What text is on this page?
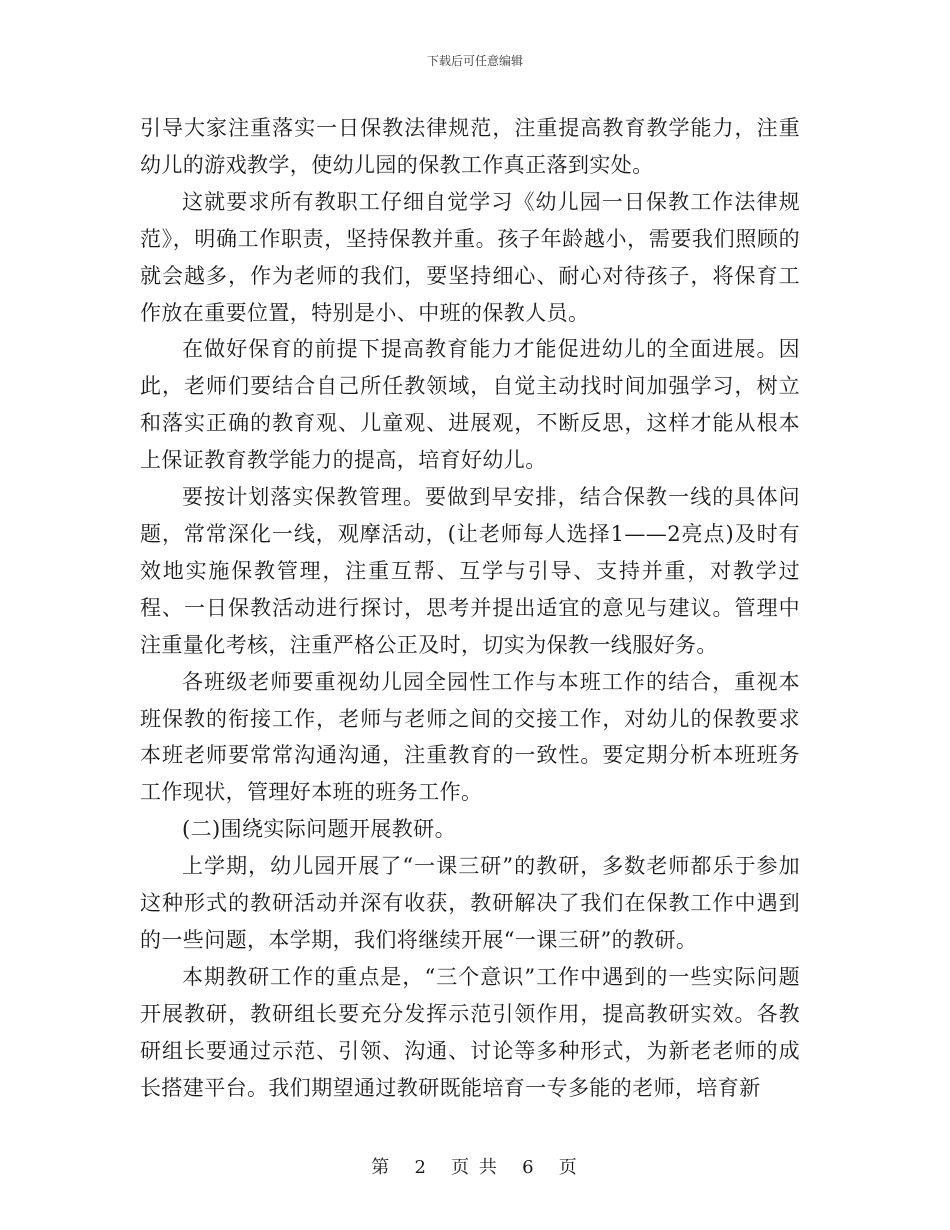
下载后可任意编辑

引导大家注重落实一日保教法律规范，注重提高教育教学能力，注重幼儿的游戏教学，使幼儿园的保教工作真正落到实处。

这就要求所有教职工仔细自觉学习《幼儿园一日保教工作法律规范》，明确工作职责，坚持保教并重。孩子年龄越小，需要我们照顾的就会越多，作为老师的我们，要坚持细心、耐心对待孩子，将保育工作放在重要位置，特别是小、中班的保教人员。

在做好保育的前提下提高教育能力才能促进幼儿的全面进展。因此，老师们要结合自己所任教领域，自觉主动找时间加强学习，树立和落实正确的教育观、儿童观、进展观，不断反思，这样才能从根本上保证教育教学能力的提高，培育好幼儿。

要按计划落实保教管理。要做到早安排，结合保教一线的具体问题，常常深化一线，观摩活动，(让老师每人选择1——2亮点)及时有效地实施保教管理，注重互帮、互学与引导、支持并重，对教学过程、一日保教活动进行探讨，思考并提出适宜的意见与建议。管理中注重量化考核，注重严格公正及时，切实为保教一线服好务。

各班级老师要重视幼儿园全园性工作与本班工作的结合，重视本班保教的衔接工作，老师与老师之间的交接工作，对幼儿的保教要求本班老师要常常沟通沟通，注重教育的一致性。要定期分析本班班务工作现状，管理好本班的班务工作。

(二)围绕实际问题开展教研。

上学期，幼儿园开展了“一课三研”的教研，多数老师都乐于参加这种形式的教研活动并深有收获，教研解决了我们在保教工作中遇到的一些问题，本学期，我们将继续开展“一课三研”的教研。

本期教研工作的重点是，“三个意识”工作中遇到的一些实际问题开展教研，教研组长要充分发挥示范引领作用，提高教研实效。各教研组长要通过示范、引领、沟通、讨论等多种形式，为新老老师的成长搭建平台。我们期望通过教研既能培育一专多能的老师，培育新

第 2 页 共 6 页
